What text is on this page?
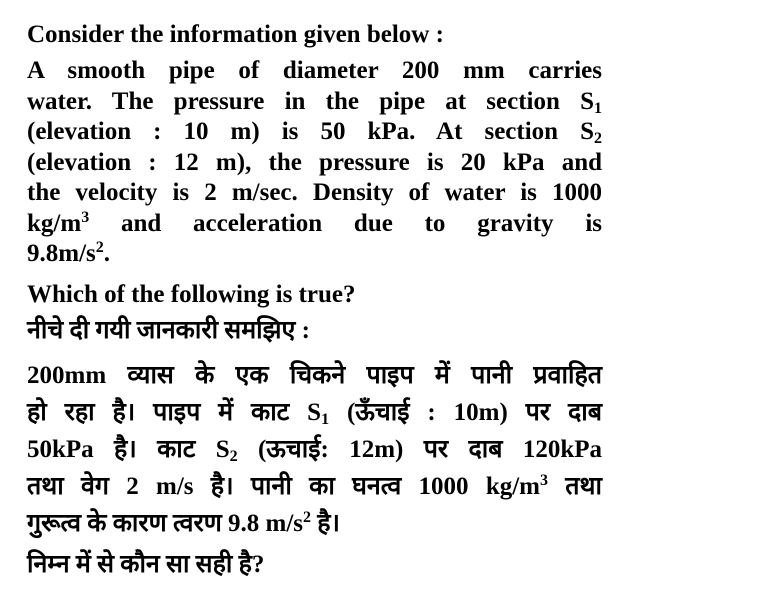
Consider the information given below :
A smooth pipe of diameter 200 mm carries
water. The pressure in the pipe at section $S_1$
(elevation : 10 m) is 50 kPa. At section $S_2$
(elevation : 12 m), the pressure is 20 kPa and
the velocity is 2 m/sec. Density of water is 1000
$kg/m^3$ and acceleration due to gravity is
$9.8m/s^2$.
Which of the following is true?
नीचे दी गयी जानकारी समझिए :
200mm व्यास के एक चिकने पाइप में पानी प्रवाहित
हो रहा है। पाइप में काट $S_1$ (ऊँचाई : 10m) पर दाब
50kPa है। काट $S_2$ (ऊचाई: 12m) पर दाब 120kPa
तथा वेग 2 m/s है। पानी का घनत्व 1000 $kg/m^3$ तथा
गुरूत्व के कारण त्वरण 9.8 $m/s^2$ है।
निम्न में से कौन सा सही है?
